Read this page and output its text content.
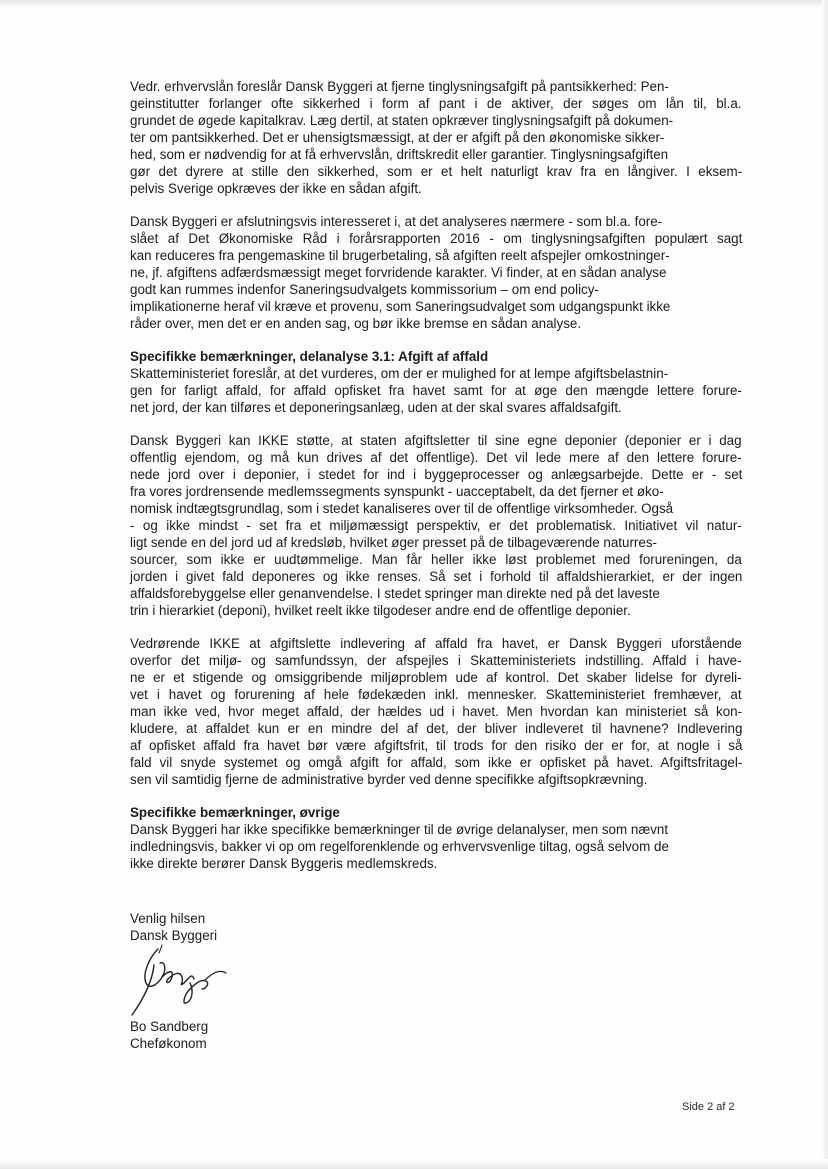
Vedr. erhvervslån foreslår Dansk Byggeri at fjerne tinglysningsafgift på pantsikkerhed: Pen-
geinstitutter forlanger ofte sikkerhed i form af pant i de aktiver, der søges om lån til, bl.a.
grundet de øgede kapitalkrav. Læg dertil, at staten opkræver tinglysningsafgift på dokumen-
ter om pantsikkerhed. Det er uhensigtsmæssigt, at der er afgift på den økonomiske sikker-
hed, som er nødvendig for at få erhvervslån, driftskredit eller garantier. Tinglysningsafgiften
gør det dyrere at stille den sikkerhed, som er et helt naturligt krav fra en långiver. I eksem-
pelvis Sverige opkræves der ikke en sådan afgift.
Dansk Byggeri er afslutningsvis interesseret i, at det analyseres nærmere - som bl.a. fore-
slået af Det Økonomiske Råd i forårsrapporten 2016 - om tinglysningsafgiften populært sagt
kan reduceres fra pengemaskine til brugerbetaling, så afgiften reelt afspejler omkostninger-
ne, jf. afgiftens adfærdsmæssigt meget forvridende karakter. Vi finder, at en sådan analyse
godt kan rummes indenfor Saneringsudvalgets kommissorium – om end policy-
implikationerne heraf vil kræve et provenu, som Saneringsudvalget som udgangspunkt ikke
råder over, men det er en anden sag, og bør ikke bremse en sådan analyse.
Specifikke bemærkninger, delanalyse 3.1: Afgift af affald
Skatteministeriet foreslår, at det vurderes, om der er mulighed for at lempe afgiftsbelastnin-
gen for farligt affald, for affald opfisket fra havet samt for at øge den mængde lettere forure-
net jord, der kan tilføres et deponeringsanlæg, uden at der skal svares affaldsafgift.
Dansk Byggeri kan IKKE støtte, at staten afgiftsletter til sine egne deponier (deponier er i dag
offentlig ejendom, og må kun drives af det offentlige). Det vil lede mere af den lettere forure-
nede jord over i deponier, i stedet for ind i byggeprocesser og anlægsarbejde. Dette er - set
fra vores jordrensende medlemssegments synspunkt - uacceptabelt, da det fjerner et øko-
nomisk indtægtsgrundlag, som i stedet kanaliseres over til de offentlige virksomheder. Også
- og ikke mindst - set fra et miljømæssigt perspektiv, er det problematisk. Initiativet vil natur-
ligt sende en del jord ud af kredsløb, hvilket øger presset på de tilbageværende naturres-
sourcer, som ikke er uudtømmelige. Man får heller ikke løst problemet med forureningen, da
jorden i givet fald deponeres og ikke renses. Så set i forhold til affaldshierarkiet, er der ingen
affaldsforebyggelse eller genanvendelse. I stedet springer man direkte ned på det laveste
trin i hierarkiet (deponi), hvilket reelt ikke tilgodeser andre end de offentlige deponier.
Vedrørende IKKE at afgiftslette indlevering af affald fra havet, er Dansk Byggeri uforstående
overfor det miljø- og samfundssyn, der afspejles i Skatteministeriets indstilling. Affald i have-
ne er et stigende og omsiggribende miljøproblem ude af kontrol. Det skaber lidelse for dyreli-
vet i havet og forurening af hele fødekæden inkl. mennesker. Skatteministeriet fremhæver, at
man ikke ved, hvor meget affald, der hældes ud i havet. Men hvordan kan ministeriet så kon-
kludere, at affaldet kun er en mindre del af det, der bliver indleveret til havnene? Indlevering
af opfisket affald fra havet bør være afgiftsfrit, til trods for den risiko der er for, at nogle i så
fald vil snyde systemet og omgå afgift for affald, som ikke er opfisket på havet. Afgiftsfritagel-
sen vil samtidig fjerne de administrative byrder ved denne specifikke afgiftsopkrævning.
Specifikke bemærkninger, øvrige
Dansk Byggeri har ikke specifikke bemærkninger til de øvrige delanalyser, men som nævnt
indledningsvis, bakker vi op om regelforenklende og erhvervsvenlige tiltag, også selvom de
ikke direkte berører Dansk Byggeris medlemskreds.
Venlig hilsen
Dansk Byggeri
Bo Sandberg
Cheføkonom
Side 2 af 2
